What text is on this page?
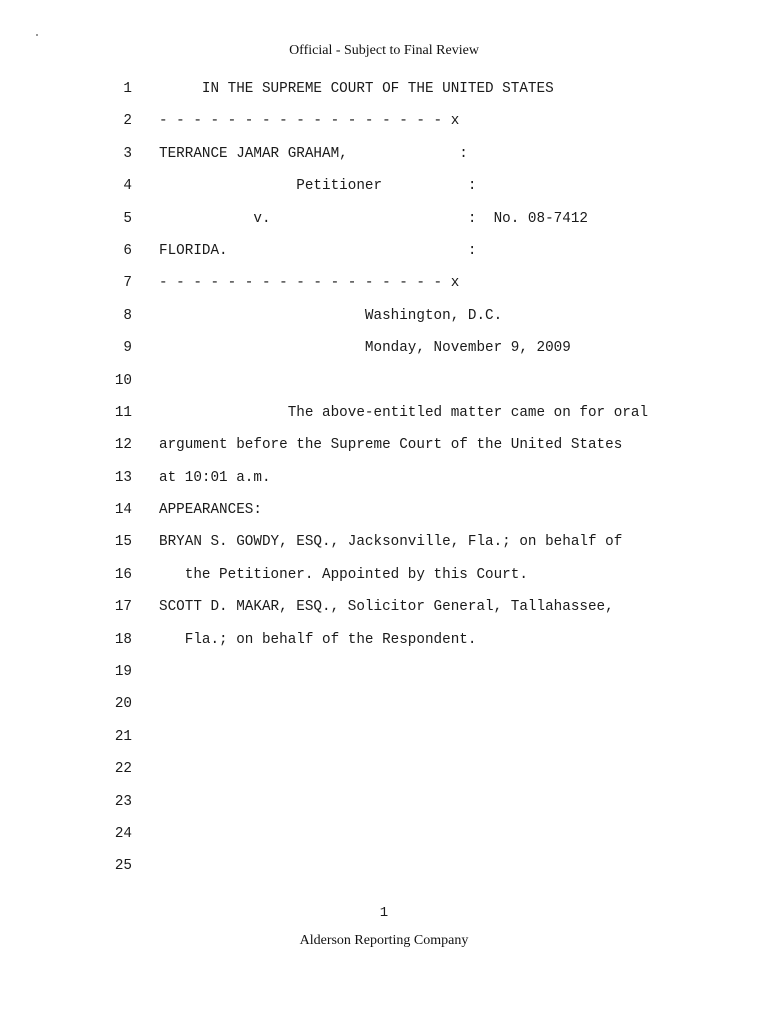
Official - Subject to Final Review
1 IN THE SUPREME COURT OF THE UNITED STATES
2 - - - - - - - - - - - - - - - - - x
3 TERRANCE JAMAR GRAHAM,             :
4 Petitioner          :
5 v.                       :  No. 08-7412
6 FLORIDA.                            :
7 - - - - - - - - - - - - - - - - - x
8 Washington, D.C.
9 Monday, November 9, 2009
10
11 The above-entitled matter came on for oral
12 argument before the Supreme Court of the United States
13 at 10:01 a.m.
14 APPEARANCES:
15 BRYAN S. GOWDY, ESQ., Jacksonville, Fla.; on behalf of
16 the Petitioner. Appointed by this Court.
17 SCOTT D. MAKAR, ESQ., Solicitor General, Tallahassee,
18 Fla.; on behalf of the Respondent.
19
20
21
22
23
24
25
1
Alderson Reporting Company
